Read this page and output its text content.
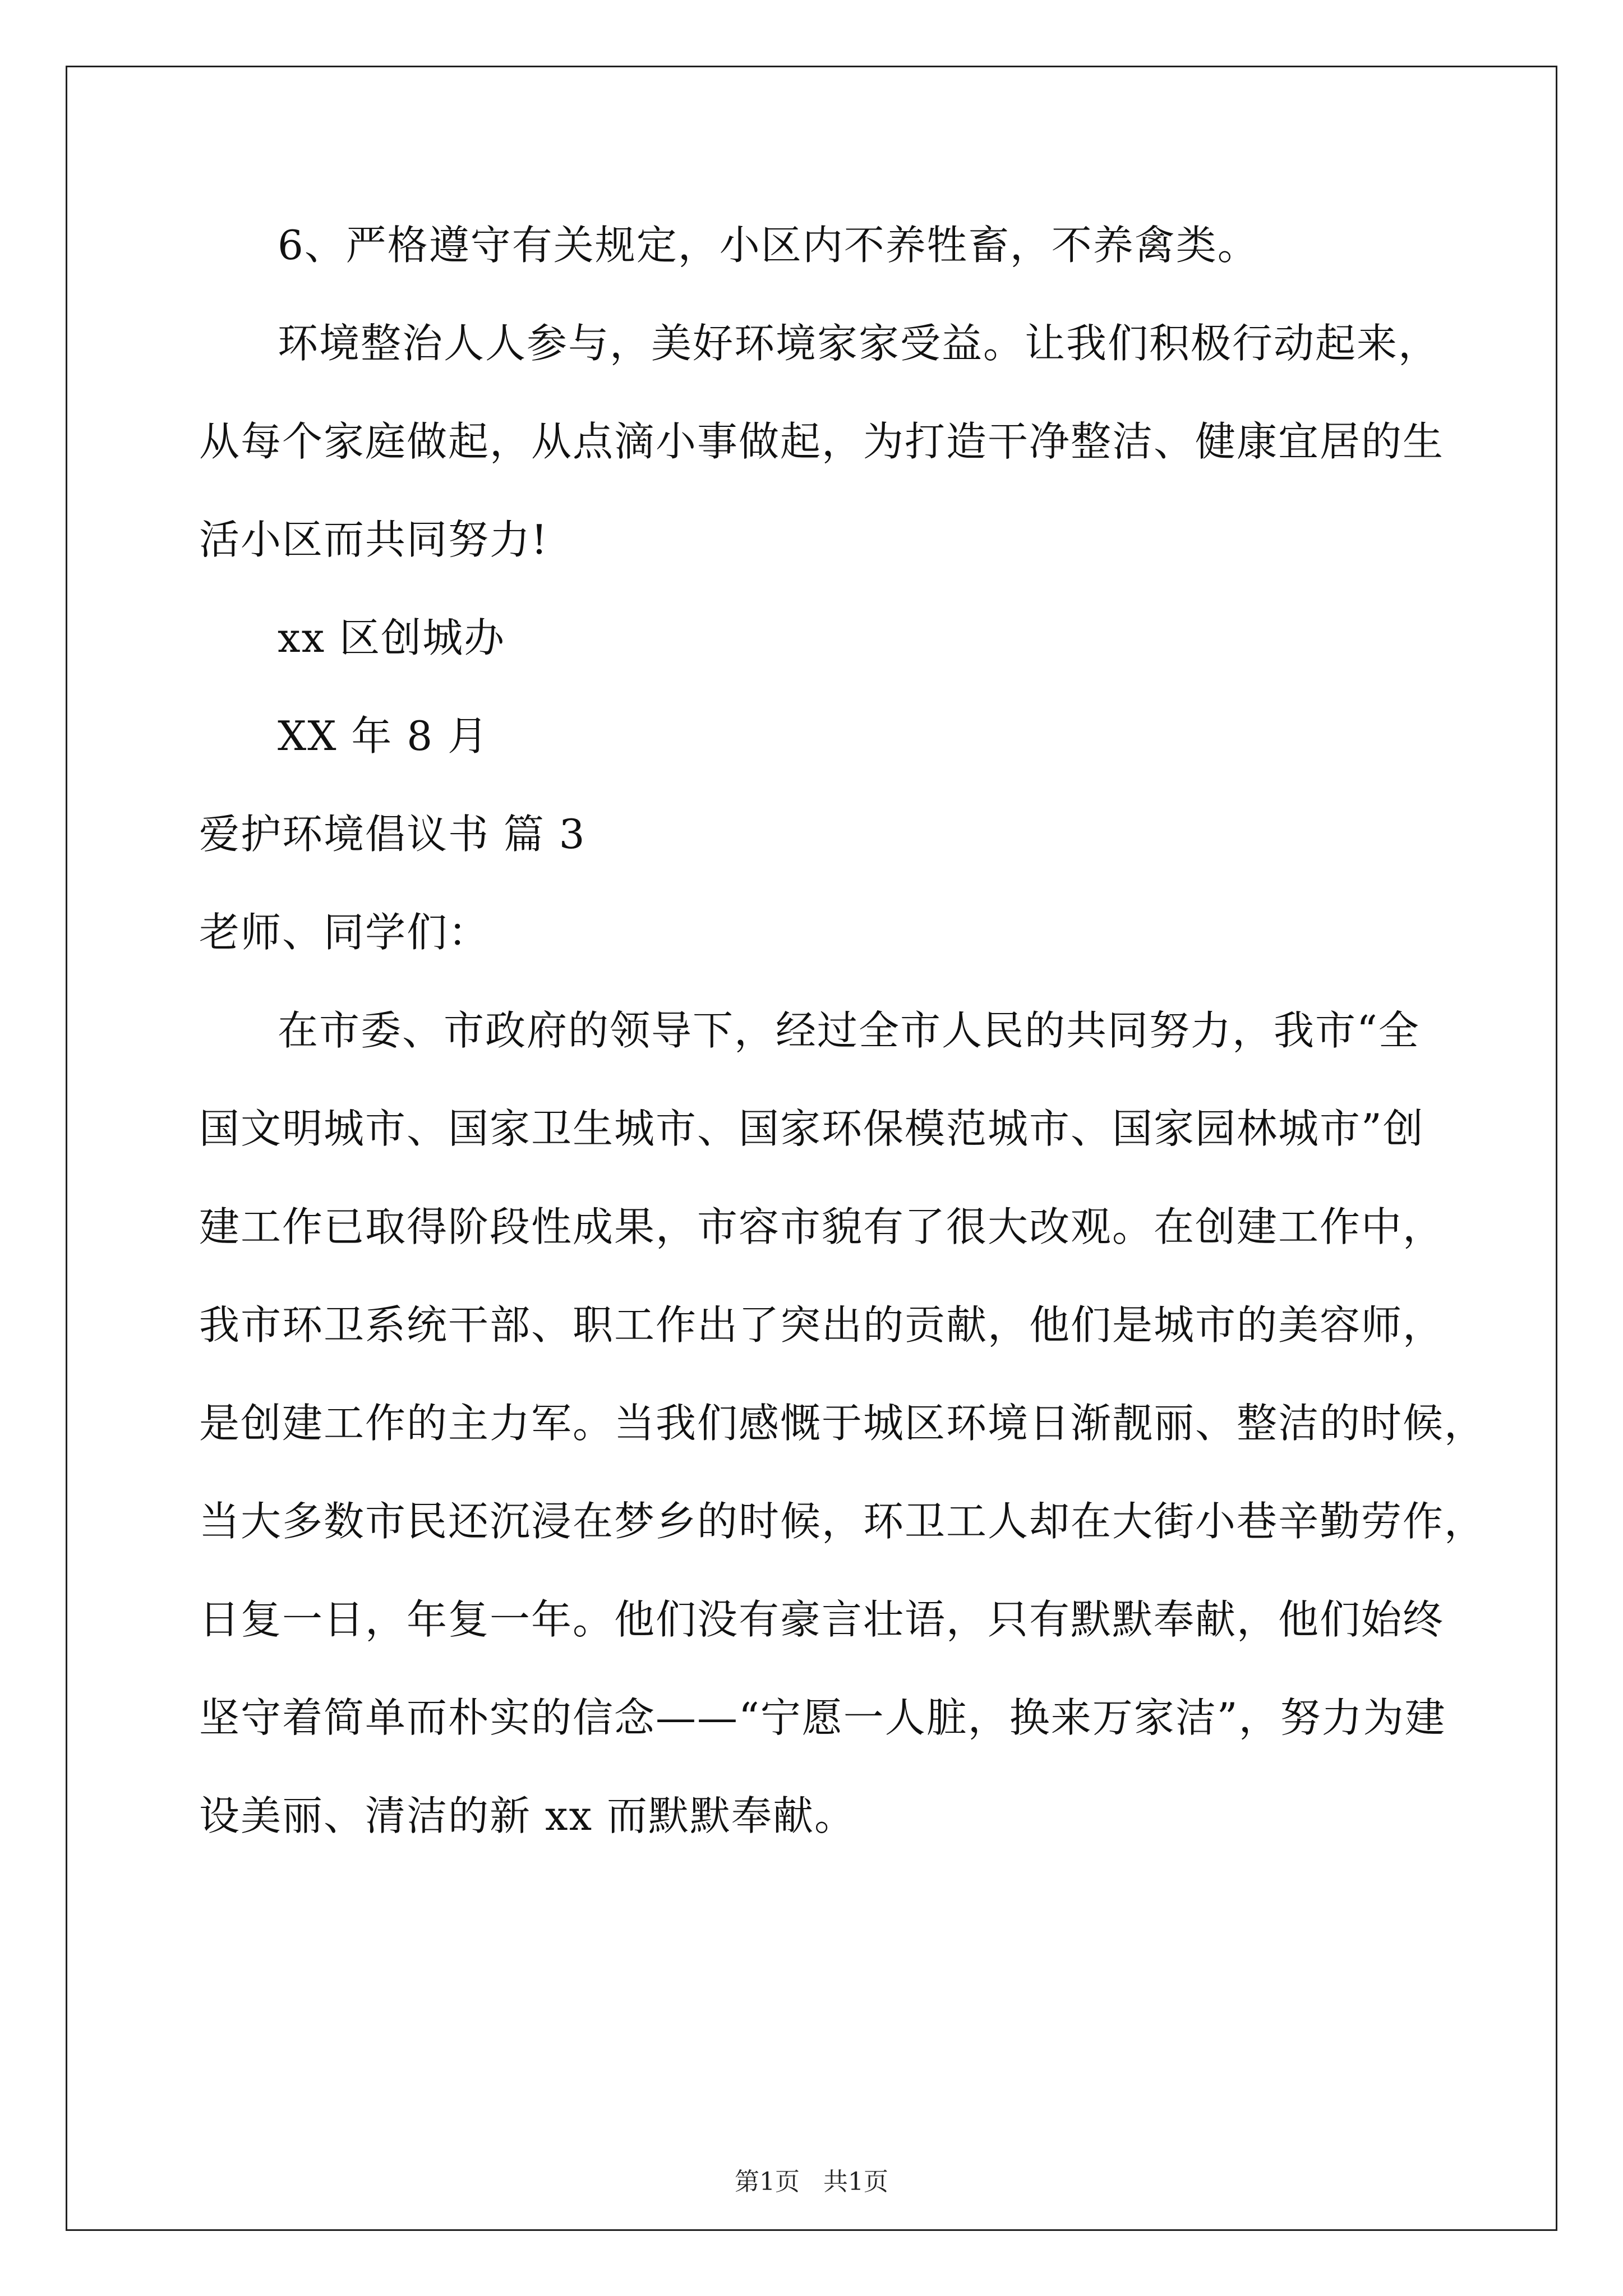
6、严格遵守有关规定，小区内不养牲畜，不养禽类。
环境整治人人参与，美好环境家家受益。让我们积极行动起来，
从每个家庭做起，从点滴小事做起，为打造干净整洁、健康宜居的生
活小区而共同努力!
xx 区创城办
XX 年 8 月
爱护环境倡议书 篇 3
老师、同学们：
在市委、市政府的领导下，经过全市人民的共同努力，我市“全
国文明城市、国家卫生城市、国家环保模范城市、国家园林城市”创
建工作已取得阶段性成果，市容市貌有了很大改观。在创建工作中，
我市环卫系统干部、职工作出了突出的贡献，他们是城市的美容师，
是创建工作的主力军。当我们感慨于城区环境日渐靓丽、整洁的时候，
当大多数市民还沉浸在梦乡的时候，环卫工人却在大街小巷辛勤劳作，
日复一日，年复一年。他们没有豪言壮语，只有默默奉献，他们始终
坚守着简单而朴实的信念——“宁愿一人脏，换来万家洁”，努力为建
设美丽、清洁的新 xx 而默默奉献。
第1页 共1页
